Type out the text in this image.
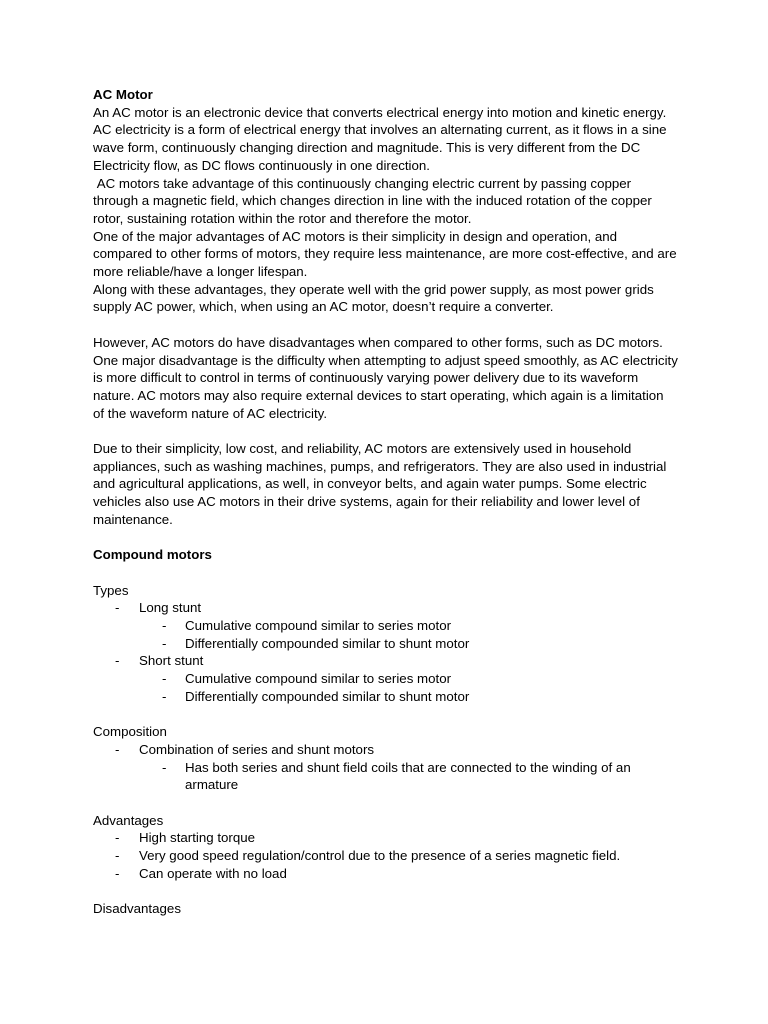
AC Motor
An AC motor is an electronic device that converts electrical energy into motion and kinetic energy.
AC electricity is a form of electrical energy that involves an alternating current, as it flows in a sine wave form, continuously changing direction and magnitude. This is very different from the DC Electricity flow, as DC flows continuously in one direction.
AC motors take advantage of this continuously changing electric current by passing copper through a magnetic field, which changes direction in line with the induced rotation of the copper rotor, sustaining rotation within the rotor and therefore the motor.
One of the major advantages of AC motors is their simplicity in design and operation, and compared to other forms of motors, they require less maintenance, are more cost-effective, and are more reliable/have a longer lifespan.
Along with these advantages, they operate well with the grid power supply, as most power grids supply AC power, which, when using an AC motor, doesn’t require a converter.
However, AC motors do have disadvantages when compared to other forms, such as DC motors. One major disadvantage is the difficulty when attempting to adjust speed smoothly, as AC electricity is more difficult to control in terms of continuously varying power delivery due to its waveform nature. AC motors may also require external devices to start operating, which again is a limitation of the waveform nature of AC electricity.
Due to their simplicity, low cost, and reliability, AC motors are extensively used in household appliances, such as washing machines, pumps, and refrigerators. They are also used in industrial and agricultural applications, as well, in conveyor belts, and again water pumps. Some electric vehicles also use AC motors in their drive systems, again for their reliability and lower level of maintenance.
Compound motors
Types
- Long stunt
- Cumulative compound similar to series motor
- Differentially compounded similar to shunt motor
- Short stunt
- Cumulative compound similar to series motor
- Differentially compounded similar to shunt motor
Composition
- Combination of series and shunt motors
- Has both series and shunt field coils that are connected to the winding of an armature
Advantages
- High starting torque
- Very good speed regulation/control due to the presence of a series magnetic field.
- Can operate with no load
Disadvantages
